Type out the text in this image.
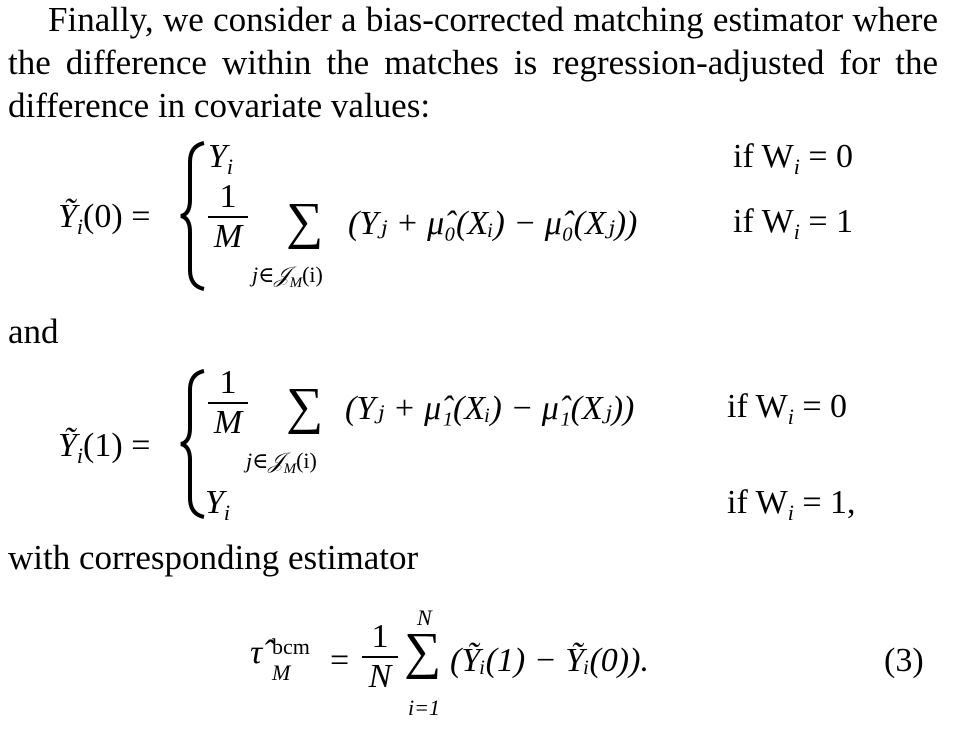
Finally, we consider a bias-corrected matching estimator where the difference within the matches is regression-adjusted for the difference in covariate values:
Ỹ$_i$(0) =
$Y_i$	if $W_i = 0$
1
M ∑
j∈𝒥$_M$(i)
(Yⱼ + μ̂₀(Xᵢ) − μ̂₀(Xⱼ))	if $W_i = 1$
and
Ỹ$_i$(1) =
1
M ∑
j∈𝒥$_M$(i)
(Yⱼ + μ̂₁(Xᵢ) − μ̂₁(Xⱼ))	if $W_i = 0$
$Y_i$	if $W_i = 1$,
with corresponding estimator
τ̂ bcm
M =
1
N
N
∑
i=1
(Ỹᵢ(1) − Ỹᵢ(0)).	(3)
